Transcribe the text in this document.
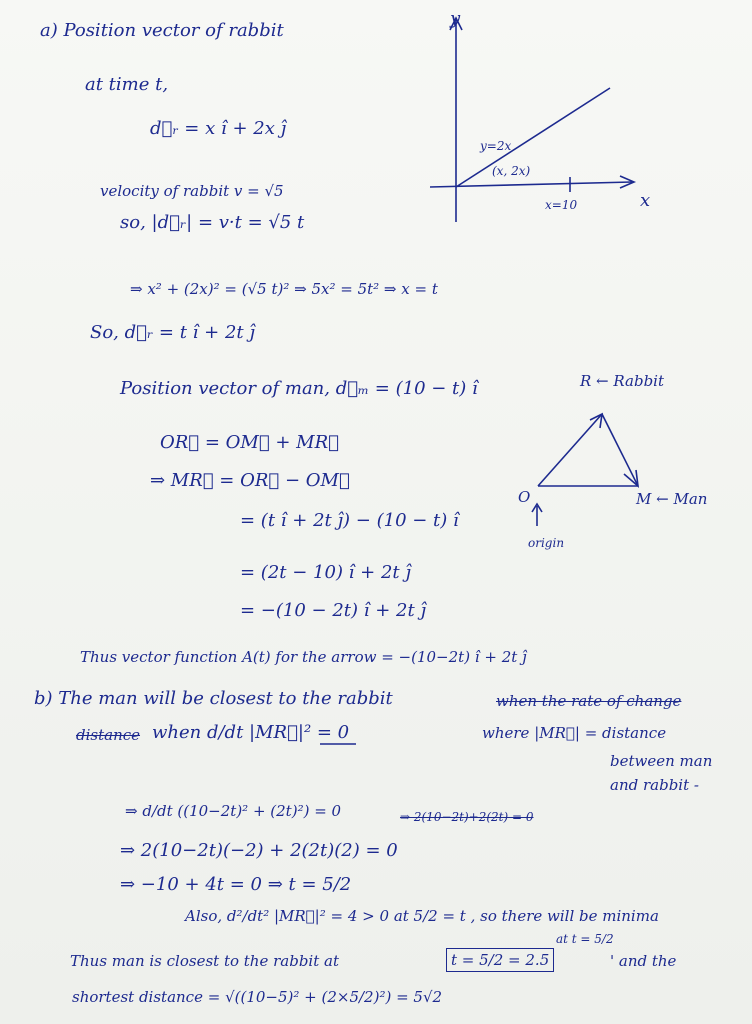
a) Position vector of rabbit
at time t,
d⃗ᵣ = x î + 2x ĵ
velocity of rabbit v = √5
so, |d⃗ᵣ| = v·t = √5 t
⇒ x² + (2x)² = (√5 t)² ⇒ 5x² = 5t² ⇒ x = t
So, d⃗ᵣ = t î + 2t ĵ
Position vector of man, d⃗ₘ = (10 − t) î
OR⃗ = OM⃗ + MR⃗
⇒ MR⃗ = OR⃗ − OM⃗
= (t î + 2t ĵ) − (10 − t) î
= (2t − 10) î + 2t ĵ
= −(10 − 2t) î + 2t ĵ
Thus vector function A(t) for the arrow = −(10−2t) î + 2t ĵ
y
x
y=2x
(x, 2x)
x=10
R ← Rabbit
M ← Man
O
origin
b) The man will be closest to the rabbit	when the rate of change
distance when d/dt |MR⃗|² = 0	where |MR⃗| = distance
between man
and rabbit -
⇒ d/dt ((10−2t)² + (2t)²) = 0	⇒ 2(10−2t)+2(2t) = 0
⇒ 2(10−2t)(−2) + 2(2t)(2) = 0
⇒ −10 + 4t = 0 ⇒ t = 5/2
Also, d²/dt² |MR⃗|² = 4 > 0 at 5/2 = t , so there will be minima
at t = 5/2
Thus man is closest to the rabbit at	t = 5/2 = 2.5	' and the
shortest distance = √((10−5)² + (2×5/2)²) = 5√2
